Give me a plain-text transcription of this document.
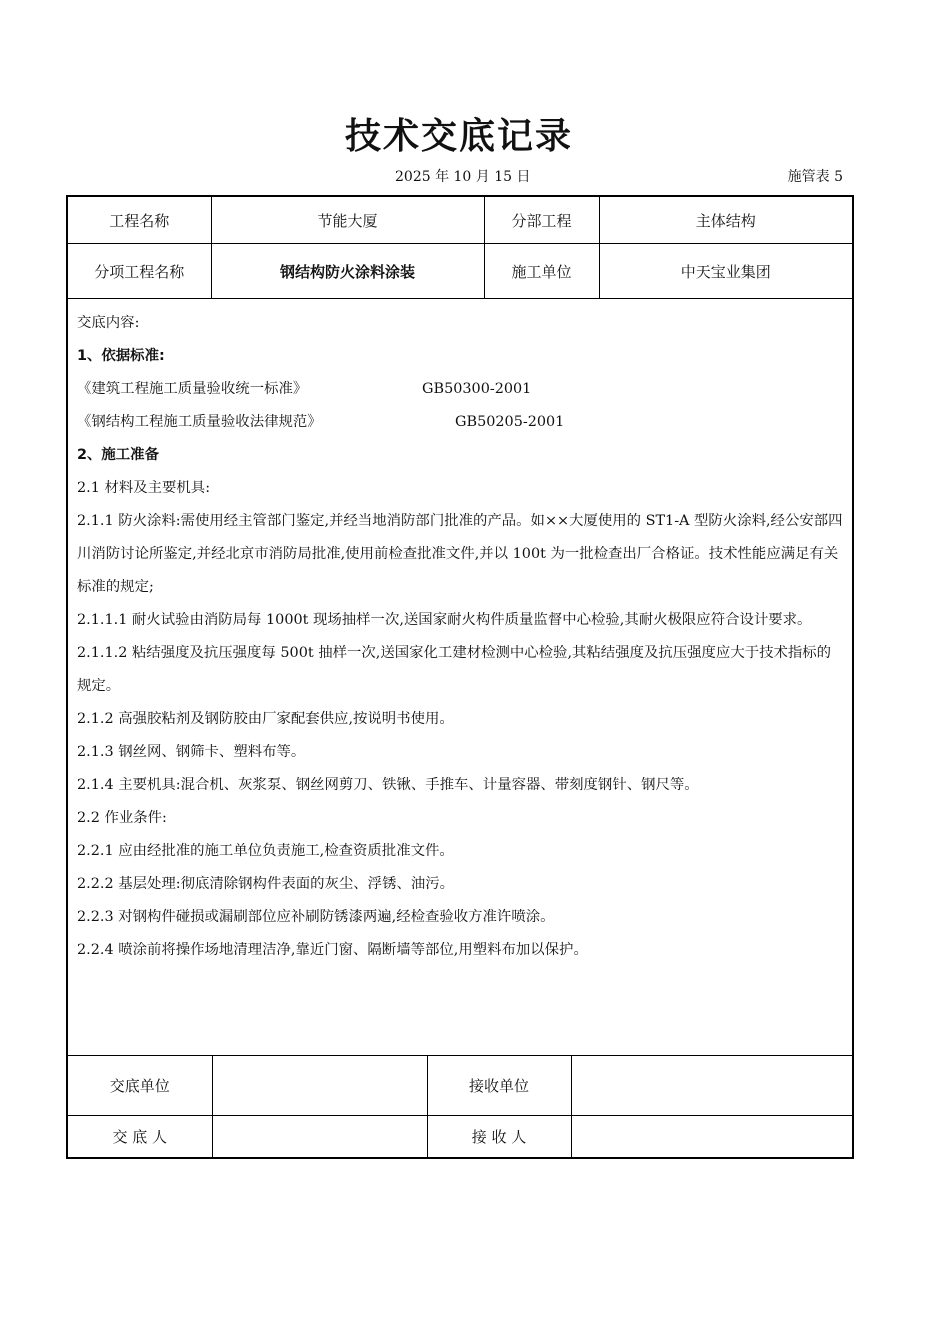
技术交底记录
2025 年 10 月 15 日	施管表 5
工程名称	节能大厦	分部工程	主体结构
分项工程名称	钢结构防火涂料涂装	施工单位	中天宝业集团

交底内容:
1、依据标准:
《建筑工程施工质量验收统一标准》	GB50300-2001
《钢结构工程施工质量验收法律规范》	GB50205-2001
2、施工准备
2.1 材料及主要机具:
2.1.1 防火涂料:需使用经主管部门鉴定,并经当地消防部门批准的产品。如××大厦使用的 ST1-A 型防火涂料,经公安部四川消防讨论所鉴定,并经北京市消防局批准,使用前检查批准文件,并以 100t 为一批检查出厂合格证。技术性能应满足有关标准的规定;
2.1.1.1 耐火试验由消防局每 1000t 现场抽样一次,送国家耐火构件质量监督中心检验,其耐火极限应符合设计要求。
2.1.1.2 粘结强度及抗压强度每 500t 抽样一次,送国家化工建材检测中心检验,其粘结强度及抗压强度应大于技术指标的规定。
2.1.2 高强胶粘剂及钢防胶由厂家配套供应,按说明书使用。
2.1.3 钢丝网、钢筛卡、塑料布等。
2.1.4 主要机具:混合机、灰浆泵、钢丝网剪刀、铁锹、手推车、计量容器、带刻度钢针、钢尺等。
2.2 作业条件:
2.2.1 应由经批准的施工单位负责施工,检查资质批准文件。
2.2.2 基层处理:彻底清除钢构件表面的灰尘、浮锈、油污。
2.2.3 对钢构件碰损或漏刷部位应补刷防锈漆两遍,经检查验收方准许喷涂。
2.2.4 喷涂前将操作场地清理洁净,靠近门窗、隔断墙等部位,用塑料布加以保护。

交底单位		接收单位	
交 底 人		接 收 人	
